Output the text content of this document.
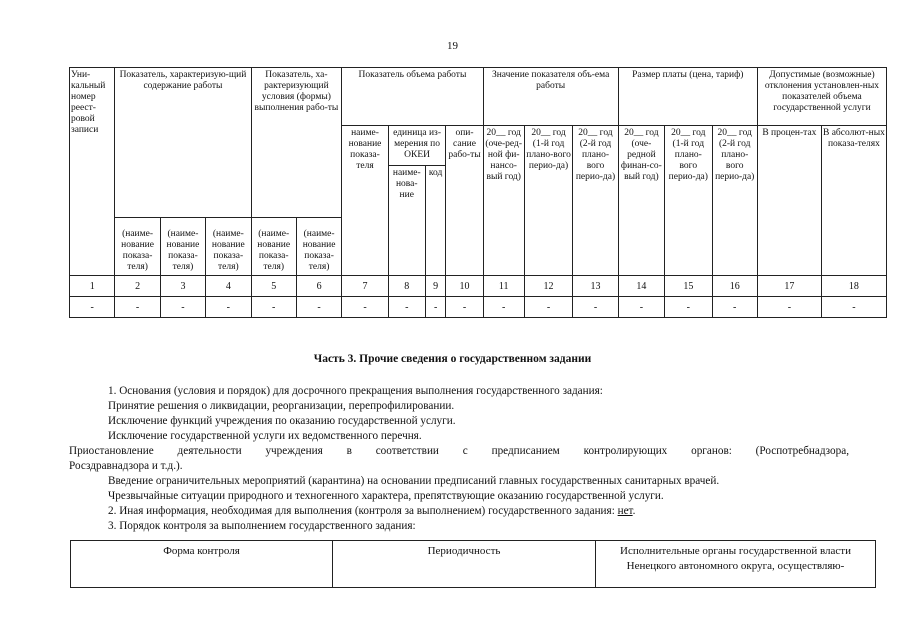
19
Уни-кальный номер реест-ровой записи	Показатель, характеризую-щий содержание работы			Показатель, ха-рактеризующий условия (формы) выполнения рабо-ты		Показатель объема работы				Значение показателя объ-ема работы			Размер платы (цена, тариф)			Допустимые (возможные) отклонения установлен-ных показателей объема государственной услуги	
						наиме-нование показа-теля	единица из-мерения по ОКЕИ		опи-сание рабо-ты	20__ год (оче-ред-ной фи-нансо-вый год)	20__ год (1-й год плано-вого перио-да)	20__ год (2-й год плано-вого перио-да)	20__ год (оче-редной финан-со-вый год)	20__ год (1-й год плано-вого перио-да)	20__ год (2-й год плано-вого перио-да)	В процен-тах	В абсолют-ных показа-телях
							наиме-нова-ние	код									
	(наиме-нование показа-теля)	(наиме-нование показа-теля)	(наиме-нование показа-теля)	(наиме-нование показа-теля)	(наиме-нование показа-теля)												
1	2	3	4	5	6	7	8	9	10	11	12	13	14	15	16	17	18
-	-	-	-	-	-	-	-	-	-	-	-	-	-	-	-	-	-
Часть 3. Прочие сведения о государственном задании
1. Основания (условия и порядок) для досрочного прекращения выполнения государственного задания:
Принятие решения о ликвидации, реорганизации, перепрофилировании.
Исключение функций учреждения по оказанию государственной услуги.
Исключение государственной услуги их ведомственного перечня.
Приостановление деятельности учреждения в соответствии с предписанием контролирующих органов: (Роспотребнадзора,
Росздравнадзора и т.д.).
Введение ограничительных мероприятий (карантина) на основании предписаний главных государственных санитарных врачей.
Чрезвычайные ситуации природного и техногенного характера, препятствующие оказанию государственной услуги.
2. Иная информация, необходимая для выполнения (контроля за выполнением) государственного задания: нет.
3. Порядок контроля за выполнением государственного задания:
Форма контроля	Периодичность	Исполнительные органы государственной власти
Ненецкого автономного округа, осуществляю-
